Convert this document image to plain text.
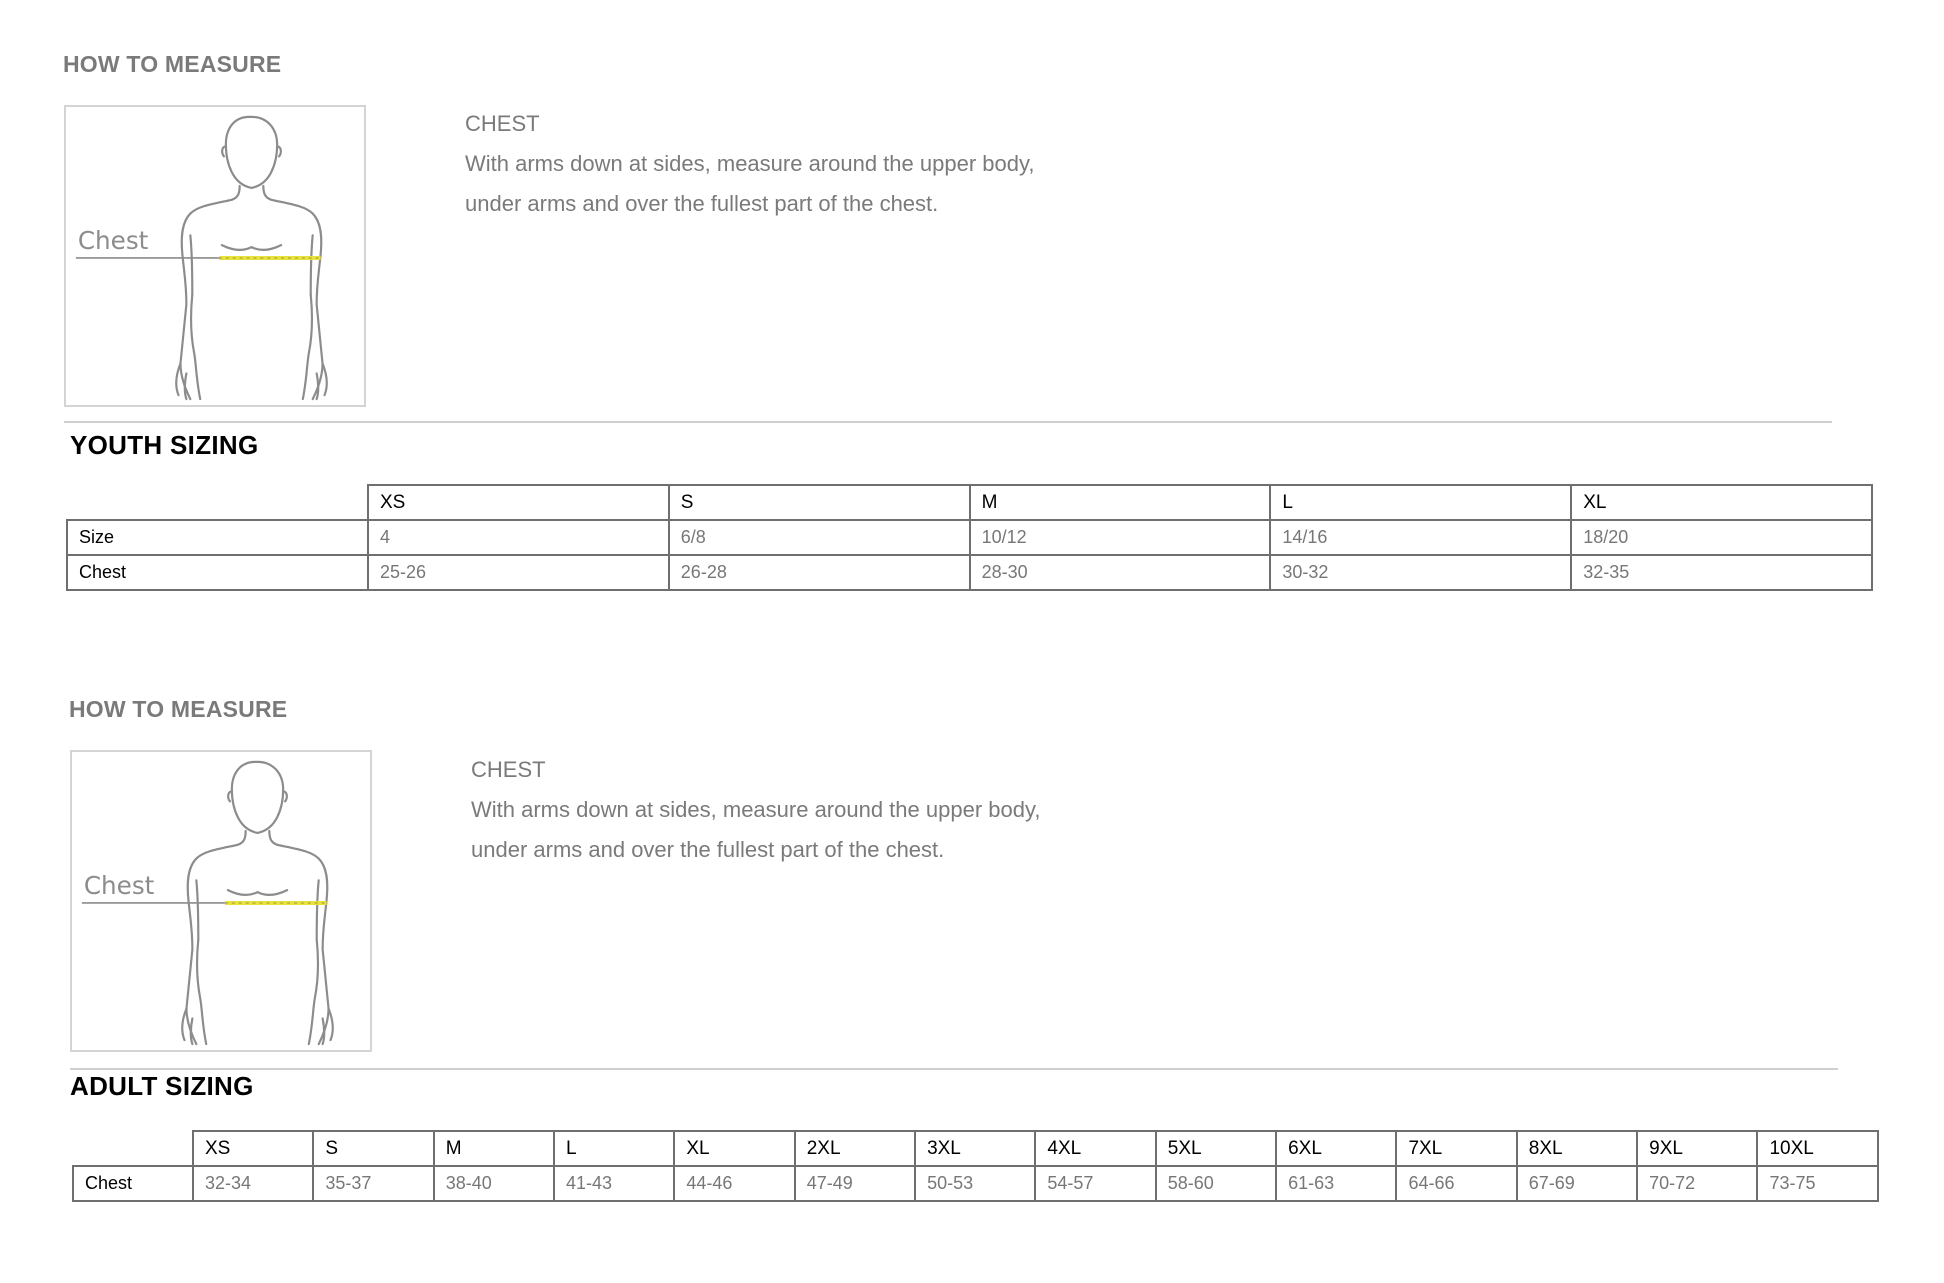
HOW TO MEASURE
Chest
CHEST
With arms down at sides, measure around the upper body,
under arms and over the fullest part of the chest.
YOUTH SIZING
	XS	S	M	L	XL
Size	4	6/8	10/12	14/16	18/20
Chest	25-26	26-28	28-30	30-32	32-35
HOW TO MEASURE
Chest
CHEST
With arms down at sides, measure around the upper body,
under arms and over the fullest part of the chest.
ADULT SIZING
	XS	S	M	L	XL	2XL	3XL	4XL	5XL	6XL	7XL	8XL	9XL	10XL
Chest	32-34	35-37	38-40	41-43	44-46	47-49	50-53	54-57	58-60	61-63	64-66	67-69	70-72	73-75
